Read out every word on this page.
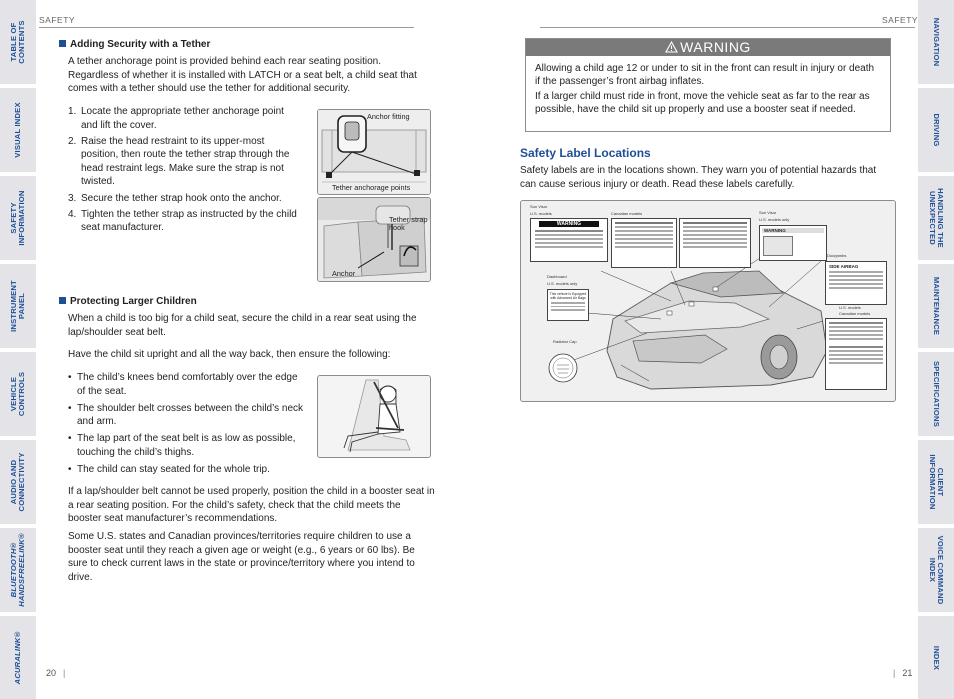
TABLE OF
CONTENTS
VISUAL INDEX
SAFETY
INFORMATION
INSTRUMENT
PANEL
VEHICLE
CONTROLS
AUDIO AND
CONNECTIVITY
BLUETOOTH®
HANDSFREELINK®
ACURALINK®
NAVIGATION
DRIVING
HANDLING THE
UNEXPECTED
MAINTENANCE
SPECIFICATIONS
CLIENT
INFORMATION
VOICE COMMAND
INDEX
INDEX
SAFETY
Adding Security with a Tether
A tether anchorage point is provided behind each rear seating position. Regardless of whether it is installed with LATCH or a seat belt, a child seat that comes with a tether should use the tether for additional security.
1. Locate the appropriate tether anchorage point and lift the cover.
2. Raise the head restraint to its upper-most position, then route the tether strap through the head restraint legs. Make sure the strap is not twisted.
3. Secure the tether strap hook onto the anchor.
4. Tighten the tether strap as instructed by the child seat manufacturer.
Anchor fitting
Tether anchorage points
Tether strap
hook
Anchor
Protecting Larger Children
When a child is too big for a child seat, secure the child in a rear seat using the lap/shoulder seat belt.
Have the child sit upright and all the way back, then ensure the following:
• The child’s knees bend comfortably over the edge of the seat.
• The shoulder belt crosses between the child’s neck and arm.
• The lap part of the seat belt is as low as possible, touching the child’s thighs.
• The child can stay seated for the whole trip.
If a lap/shoulder belt cannot be used properly, position the child in a booster seat in a rear seating position. For the child’s safety, check that the child meets the booster seat manufacturer’s recommendations.
Some U.S. states and Canadian provinces/territories require children to use a booster seat until they reach a given age or weight (e.g., 6 years or 60 lbs). Be sure to check current laws in the state or province/territory where you intend to drive.
20 |
SAFETY
WARNING
Allowing a child age 12 or under to sit in the front can result in injury or death if the passenger’s front airbag inflates.
If a larger child must ride in front, move the vehicle seat as far to the rear as possible, have the child sit up properly and use a booster seat if needed.
Safety Label Locations
Safety labels are in the locations shown. They warn you of potential hazards that can cause serious injury or death. Read these labels carefully.
Sun Visor
U.S. models	Canadian models	Sun Visor
U.S. models only
Doorjambs
Dashboard
U.S. models only
Radiator Cap
U.S. models
Canadian models
WARNING
WARNING
This vehicle is Equipped with Advanced Air Bags
SIDE AIRBAG
| 21
